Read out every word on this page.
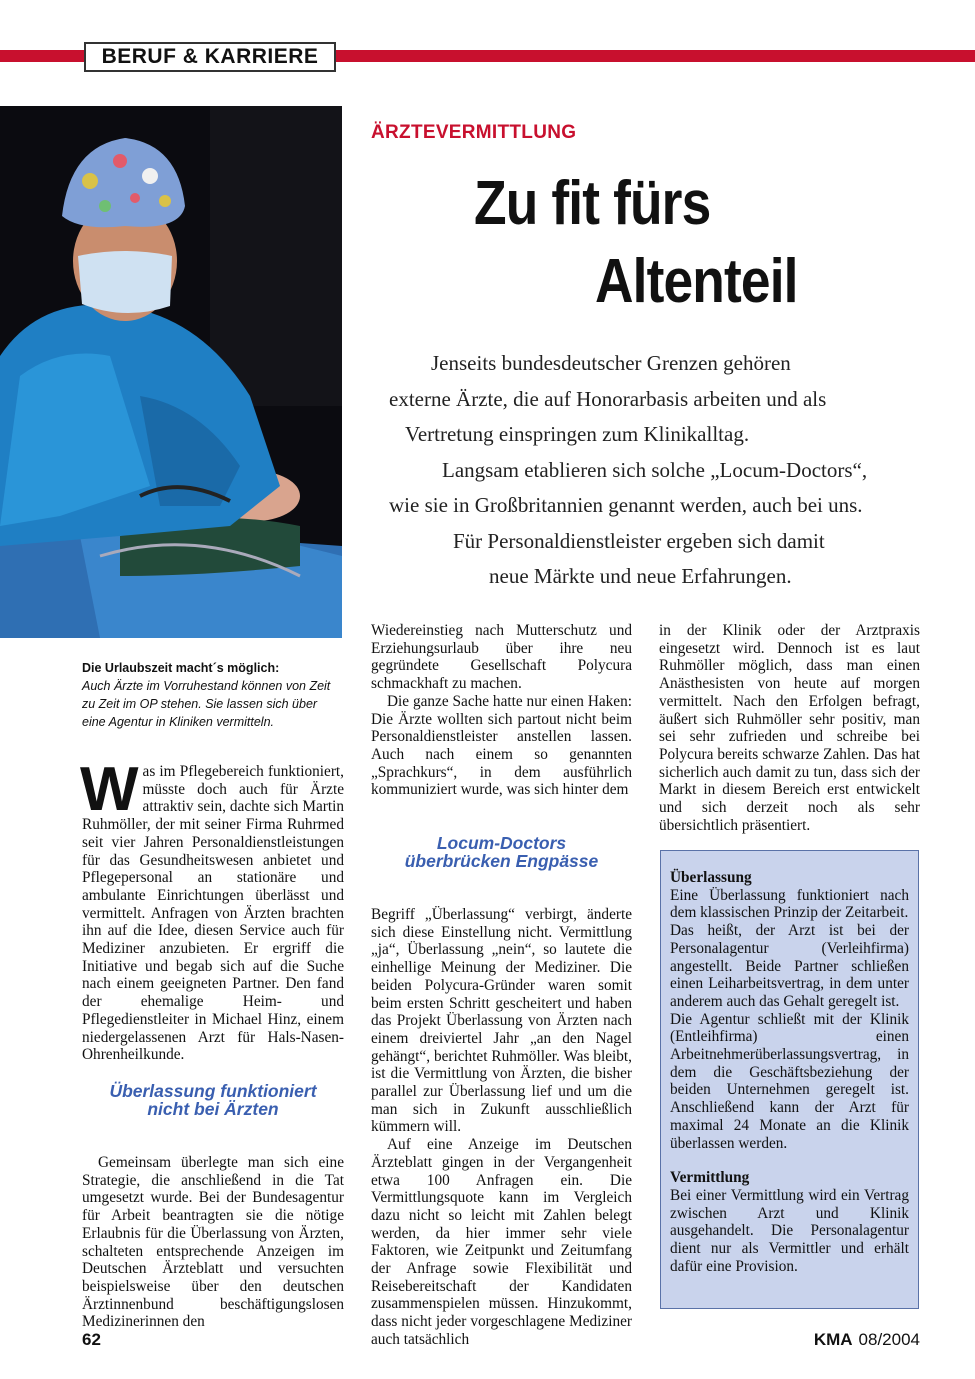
BERUF & KARRIERE
Die Urlaubszeit macht´s möglich:
Auch Ärzte im Vorruhestand können von Zeit zu Zeit im OP stehen. Sie lassen sich über eine Agentur in Kliniken vermitteln.
ÄRZTEVERMITTLUNG
Zu fit fürs
Altenteil
Jenseits bundesdeutscher Grenzen gehören
externe Ärzte, die auf Honorarbasis arbeiten und als
Vertretung einspringen zum Klinikalltag.
Langsam etablieren sich solche „Locum-Doctors“,
wie sie in Großbritannien genannt werden, auch bei uns.
Für Personaldienstleister ergeben sich damit
neue Märkte und neue Erfahrungen.

Was im Pflegebereich funktioniert, müsste doch auch für Ärzte attraktiv sein, dachte sich Martin Ruhmöller, der mit seiner Firma Ruhrmed seit vier Jahren Personaldienstleistungen für das Gesundheitswesen anbietet und Pflegepersonal an stationäre und ambulante Einrichtungen überlässt und vermittelt. Anfragen von Ärzten brachten ihn auf die Idee, diesen Service auch für Mediziner anzubieten. Er ergriff die Initiative und begab sich auf die Suche nach einem geeigneten Partner. Den fand der ehemalige Heim- und Pflegedienstleiter in Michael Hinz, einem niedergelassenen Arzt für Hals-Nasen-Ohrenheilkunde.

Überlassung funktioniert
nicht bei Ärzten

Gemeinsam überlegte man sich eine Strategie, die anschließend in die Tat umgesetzt wurde. Bei der Bundesagentur für Arbeit beantragten sie die nötige Erlaubnis für die Überlassung von Ärzten, schalteten entsprechende Anzeigen im Deutschen Ärzteblatt und versuchten beispielsweise über den deutschen Ärztinnenbund beschäftigungslosen Medizinerinnen den

Wiedereinstieg nach Mutterschutz und Erziehungsurlaub über ihre neu gegründete Gesellschaft Polycura schmackhaft zu machen.

Die ganze Sache hatte nur einen Haken: Die Ärzte wollten sich partout nicht beim Personaldienstleister anstellen lassen. Auch nach einem so genannten „Sprachkurs“, in dem ausführlich kommuniziert wurde, was sich hinter dem

Locum-Doctors
überbrücken Engpässe

Begriff „Überlassung“ verbirgt, änderte sich diese Einstellung nicht. Vermittlung „ja“, Überlassung „nein“, so lautete die einhellige Meinung der Mediziner. Die beiden Polycura-Gründer waren somit beim ersten Schritt gescheitert und haben das Projekt Überlassung von Ärzten nach einem dreiviertel Jahr „an den Nagel gehängt“, berichtet Ruhmöller. Was bleibt, ist die Vermittlung von Ärzten, die bisher parallel zur Überlassung lief und um die man sich in Zukunft ausschließlich kümmern will.

Auf eine Anzeige im Deutschen Ärzteblatt gingen in der Vergangenheit etwa 100 Anfragen ein. Die Vermittlungsquote kann im Vergleich dazu nicht so leicht mit Zahlen belegt werden, da hier immer sehr viele Faktoren, wie Zeitpunkt und Zeitumfang der Anfrage sowie Flexibilität und Reisebereitschaft der Kandidaten zusammenspielen müssen. Hinzukommt, dass nicht jeder vorgeschlagene Mediziner auch tatsächlich

in der Klinik oder der Arztpraxis eingesetzt wird. Dennoch ist es laut Ruhmöller möglich, dass man einen Anästhesisten von heute auf morgen vermittelt. Nach den Erfolgen befragt, äußert sich Ruhmöller sehr positiv, man sei sehr zufrieden und schreibe bei Polycura bereits schwarze Zahlen. Das hat sicherlich auch damit zu tun, dass sich der Markt in diesem Bereich erst entwickelt und sich derzeit noch als sehr übersichtlich präsentiert.

Überlassung

Eine Überlassung funktioniert nach dem klassischen Prinzip der Zeitarbeit.

Das heißt, der Arzt ist bei der Personalagentur (Verleihfirma) angestellt. Beide Partner schließen einen Leiharbeitsvertrag, in dem unter anderem auch das Gehalt geregelt ist.

Die Agentur schließt mit der Klinik (Entleihfirma) einen Arbeitnehmerüberlassungsvertrag, in dem die Geschäftsbeziehung der beiden Unternehmen geregelt ist. Anschließend kann der Arzt für maximal 24 Monate an die Klinik überlassen werden.

Vermittlung

Bei einer Vermittlung wird ein Vertrag zwischen Arzt und Klinik ausgehandelt. Die Personalagentur dient nur als Vermittler und erhält dafür eine Provision.

62	KMA 08/2004
